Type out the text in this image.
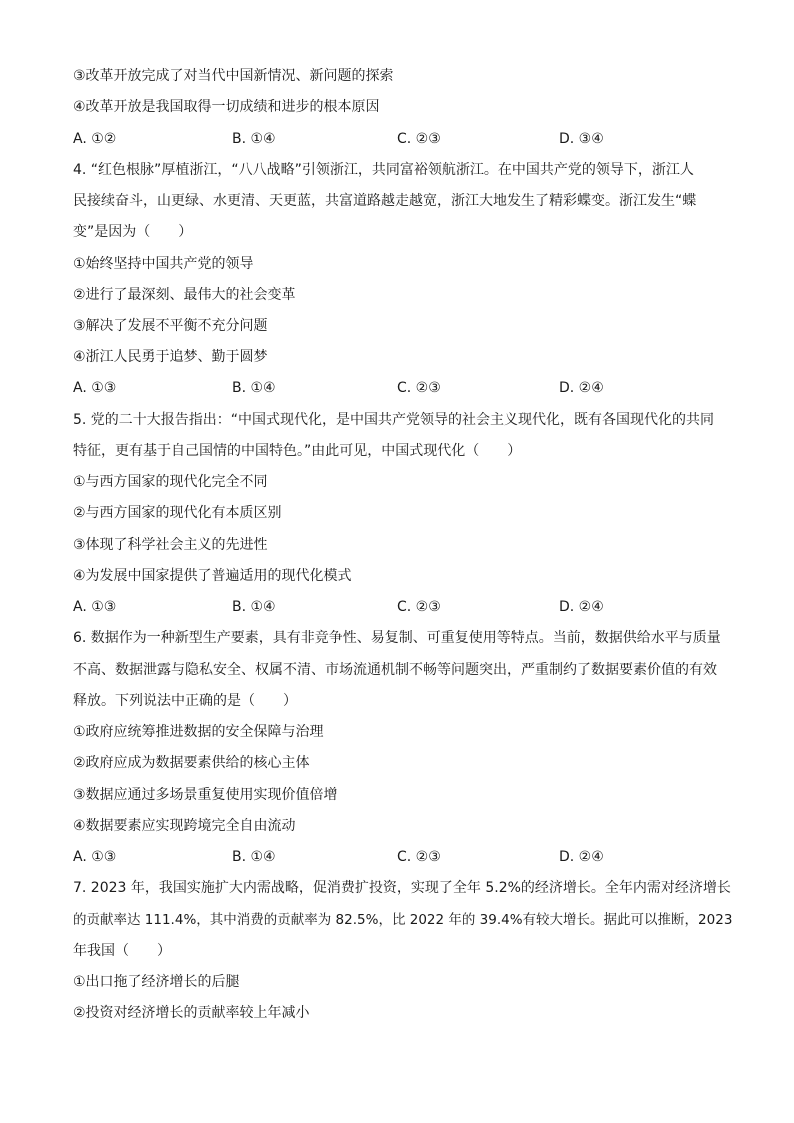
③改革开放完成了对当代中国新情况、新问题的探索
④改革开放是我国取得一切成绩和进步的根本原因
A. ①②	B. ①④	C. ②③	D. ③④
4. “红色根脉”厚植浙江，“八八战略”引领浙江，共同富裕领航浙江。在中国共产党的领导下，浙江人
民接续奋斗，山更绿、水更清、天更蓝，共富道路越走越宽，浙江大地发生了精彩蝶变。浙江发生“蝶
变”是因为（　　）
①始终坚持中国共产党的领导
②进行了最深刻、最伟大的社会变革
③解决了发展不平衡不充分问题
④浙江人民勇于追梦、勤于圆梦
A. ①③	B. ①④	C. ②③	D. ②④
5. 党的二十大报告指出：“中国式现代化，是中国共产党领导的社会主义现代化，既有各国现代化的共同
特征，更有基于自己国情的中国特色。”由此可见，中国式现代化（　　）
①与西方国家的现代化完全不同
②与西方国家的现代化有本质区别
③体现了科学社会主义的先进性
④为发展中国家提供了普遍适用的现代化模式
A. ①③	B. ①④	C. ②③	D. ②④
6. 数据作为一种新型生产要素，具有非竞争性、易复制、可重复使用等特点。当前，数据供给水平与质量
不高、数据泄露与隐私安全、权属不清、市场流通机制不畅等问题突出，严重制约了数据要素价值的有效
释放。下列说法中正确的是（　　）
①政府应统筹推进数据的安全保障与治理
②政府应成为数据要素供给的核心主体
③数据应通过多场景重复使用实现价值倍增
④数据要素应实现跨境完全自由流动
A. ①③	B. ①④	C. ②③	D. ②④
7. 2023 年，我国实施扩大内需战略，促消费扩投资，实现了全年 5.2%的经济增长。全年内需对经济增长
的贡献率达 111.4%，其中消费的贡献率为 82.5%，比 2022 年的 39.4%有较大增长。据此可以推断，2023
年我国（　　）
①出口拖了经济增长的后腿
②投资对经济增长的贡献率较上年减小
